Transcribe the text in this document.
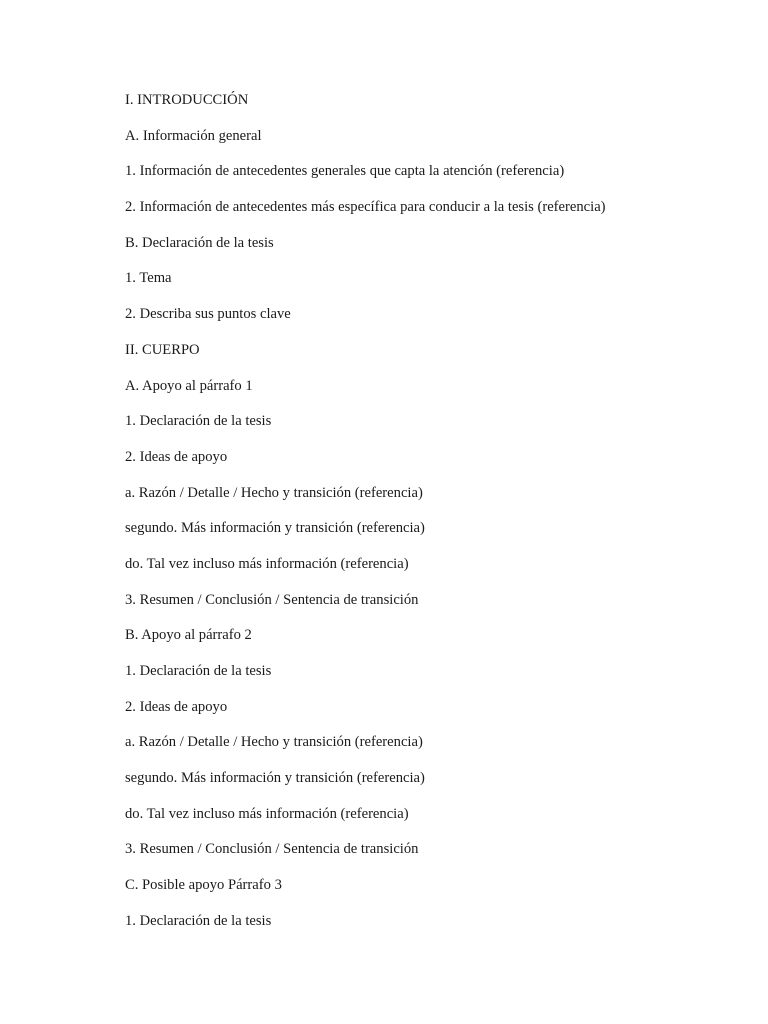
I. INTRODUCCIÓN
A. Información general
1. Información de antecedentes generales que capta la atención (referencia)
2. Información de antecedentes más específica para conducir a la tesis (referencia)
B. Declaración de la tesis
1. Tema
2. Describa sus puntos clave
II. CUERPO
A. Apoyo al párrafo 1
1. Declaración de la tesis
2. Ideas de apoyo
a. Razón / Detalle / Hecho y transición (referencia)
segundo. Más información y transición (referencia)
do. Tal vez incluso más información (referencia)
3. Resumen / Conclusión / Sentencia de transición
B. Apoyo al párrafo 2
1. Declaración de la tesis
2. Ideas de apoyo
a. Razón / Detalle / Hecho y transición (referencia)
segundo. Más información y transición (referencia)
do. Tal vez incluso más información (referencia)
3. Resumen / Conclusión / Sentencia de transición
C. Posible apoyo Párrafo 3
1. Declaración de la tesis
